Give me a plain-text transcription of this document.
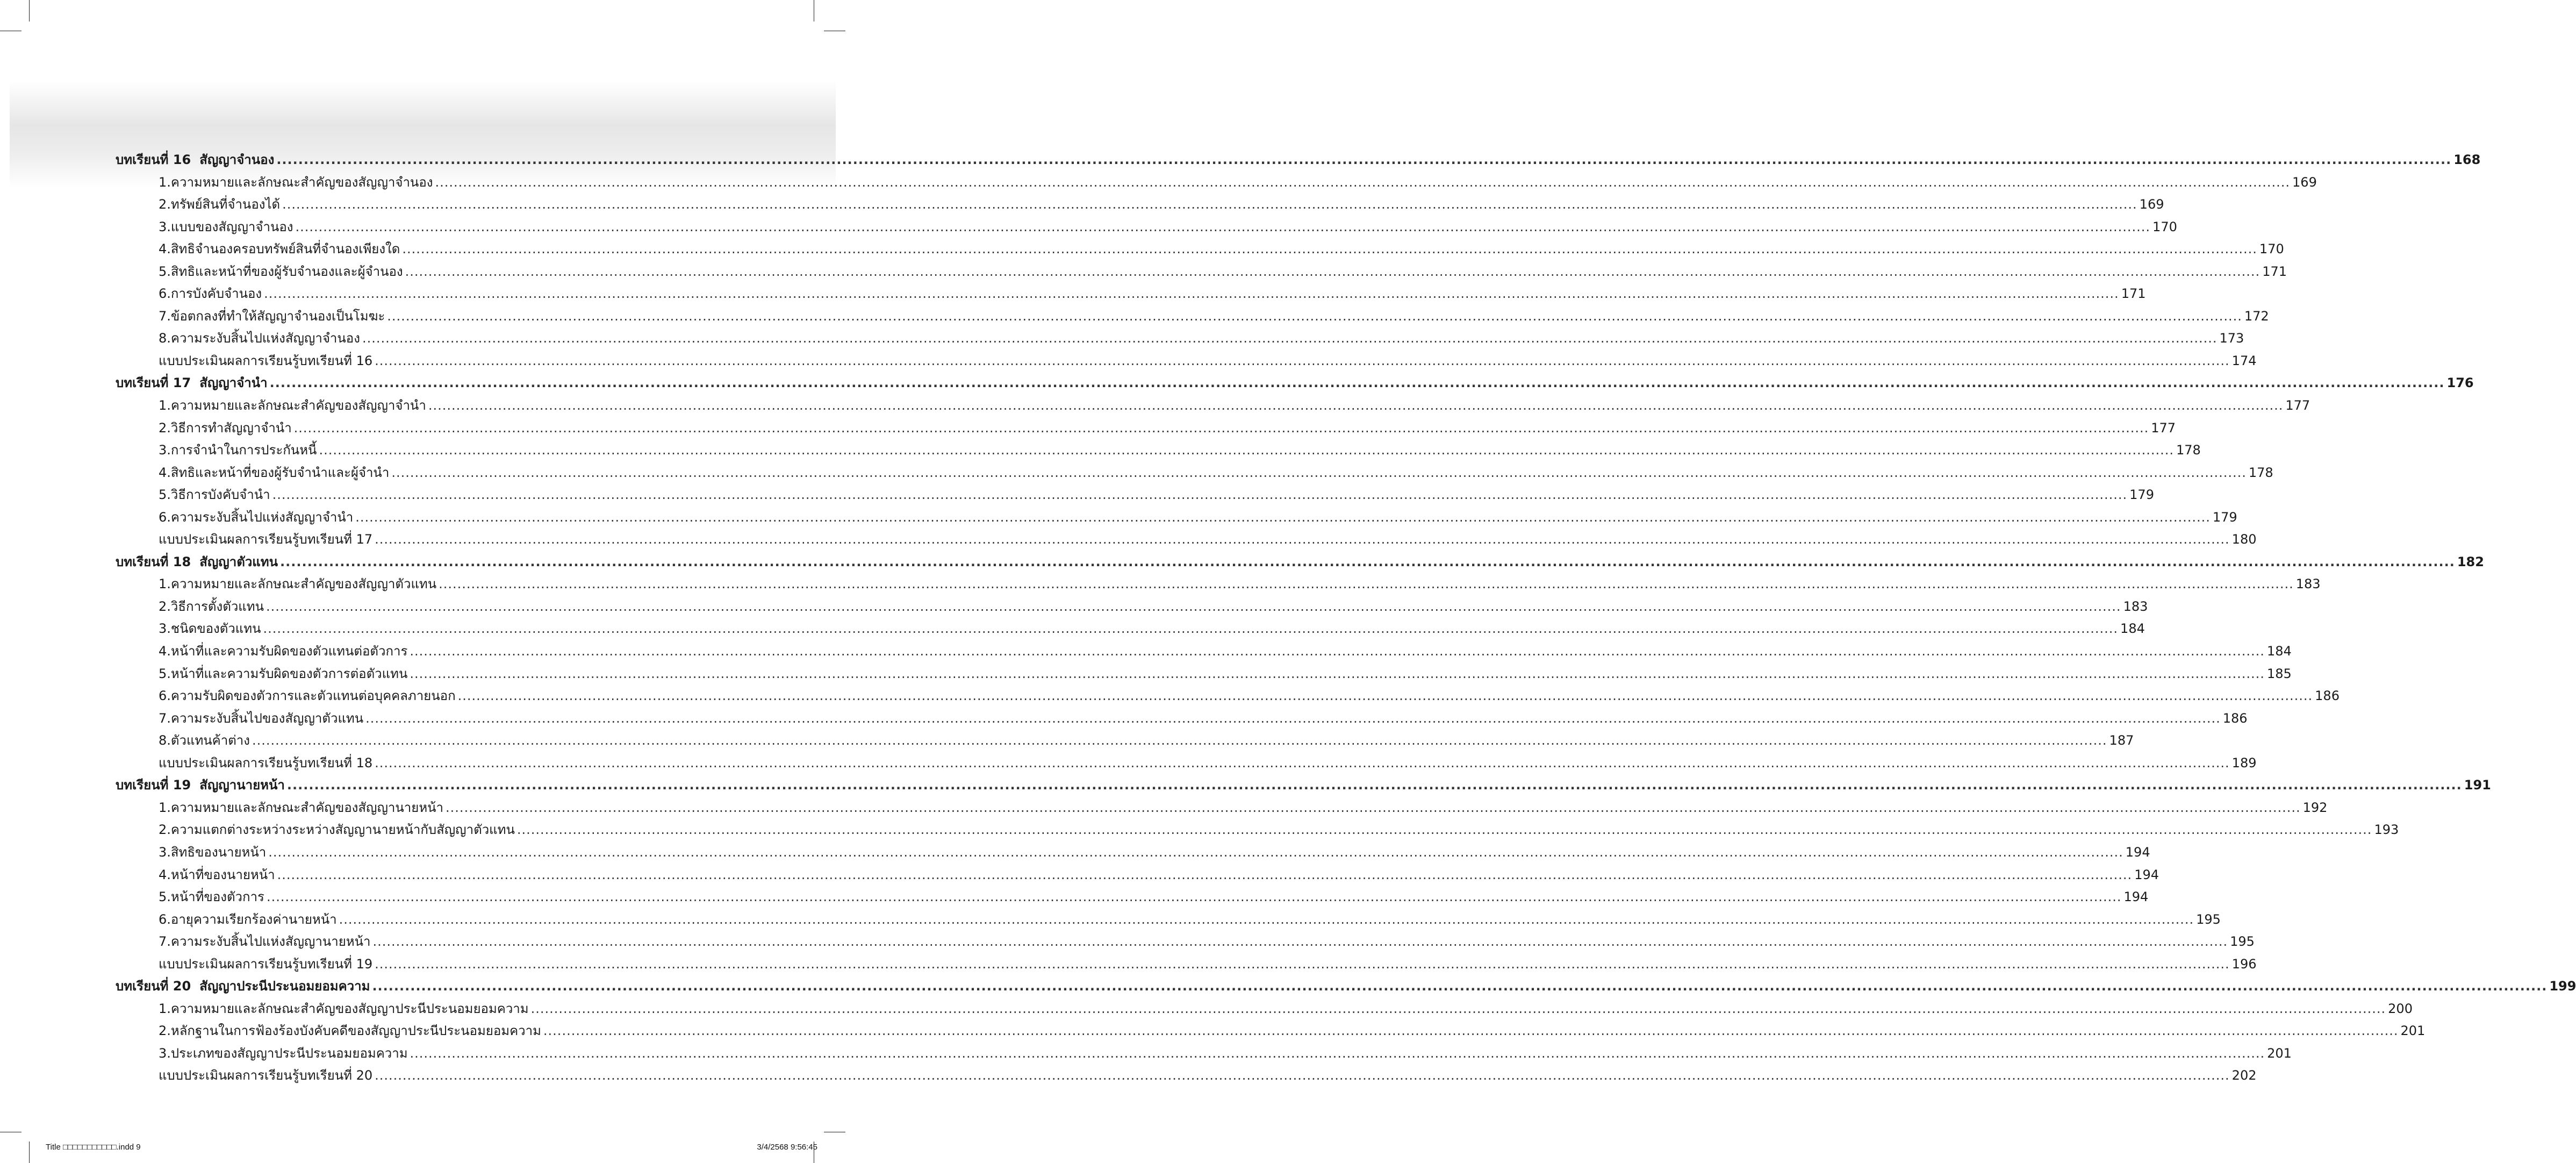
บทเรียนที่ 16 สัญญาจำนอง ................................................................................................................................................................................................................................................................................................................................................................................................................ 168
1. ความหมายและลักษณะสำคัญของสัญญาจำนอง ................................................................................................................................................................................................................................................................................................................................................................................................................ 169
2. ทรัพย์สินที่จำนองได้ ................................................................................................................................................................................................................................................................................................................................................................................................................ 169
3. แบบของสัญญาจำนอง ................................................................................................................................................................................................................................................................................................................................................................................................................ 170
4. สิทธิจำนองครอบทรัพย์สินที่จำนองเพียงใด ................................................................................................................................................................................................................................................................................................................................................................................................................ 170
5. สิทธิและหน้าที่ของผู้รับจำนองและผู้จำนอง ................................................................................................................................................................................................................................................................................................................................................................................................................ 171
6. การบังคับจำนอง ................................................................................................................................................................................................................................................................................................................................................................................................................ 171
7. ข้อตกลงที่ทำให้สัญญาจำนองเป็นโมฆะ ................................................................................................................................................................................................................................................................................................................................................................................................................ 172
8. ความระงับสิ้นไปแห่งสัญญาจำนอง ................................................................................................................................................................................................................................................................................................................................................................................................................ 173
แบบประเมินผลการเรียนรู้บทเรียนที่ 16 ................................................................................................................................................................................................................................................................................................................................................................................................................ 174
บทเรียนที่ 17 สัญญาจำนำ ................................................................................................................................................................................................................................................................................................................................................................................................................ 176
1. ความหมายและลักษณะสำคัญของสัญญาจำนำ ................................................................................................................................................................................................................................................................................................................................................................................................................ 177
2. วิธีการทำสัญญาจำนำ ................................................................................................................................................................................................................................................................................................................................................................................................................ 177
3. การจำนำในการประกันหนี้ ................................................................................................................................................................................................................................................................................................................................................................................................................ 178
4. สิทธิและหน้าที่ของผู้รับจำนำและผู้จำนำ ................................................................................................................................................................................................................................................................................................................................................................................................................ 178
5. วิธีการบังคับจำนำ ................................................................................................................................................................................................................................................................................................................................................................................................................ 179
6. ความระงับสิ้นไปแห่งสัญญาจำนำ ................................................................................................................................................................................................................................................................................................................................................................................................................ 179
แบบประเมินผลการเรียนรู้บทเรียนที่ 17 ................................................................................................................................................................................................................................................................................................................................................................................................................ 180
บทเรียนที่ 18 สัญญาตัวแทน ................................................................................................................................................................................................................................................................................................................................................................................................................ 182
1. ความหมายและลักษณะสำคัญของสัญญาตัวแทน ................................................................................................................................................................................................................................................................................................................................................................................................................ 183
2. วิธีการตั้งตัวแทน ................................................................................................................................................................................................................................................................................................................................................................................................................ 183
3. ชนิดของตัวแทน ................................................................................................................................................................................................................................................................................................................................................................................................................ 184
4. หน้าที่และความรับผิดของตัวแทนต่อตัวการ ................................................................................................................................................................................................................................................................................................................................................................................................................ 184
5. หน้าที่และความรับผิดของตัวการต่อตัวแทน ................................................................................................................................................................................................................................................................................................................................................................................................................ 185
6. ความรับผิดของตัวการและตัวแทนต่อบุคคลภายนอก ................................................................................................................................................................................................................................................................................................................................................................................................................ 186
7. ความระงับสิ้นไปของสัญญาตัวแทน ................................................................................................................................................................................................................................................................................................................................................................................................................ 186
8. ตัวแทนค้าต่าง ................................................................................................................................................................................................................................................................................................................................................................................................................ 187
แบบประเมินผลการเรียนรู้บทเรียนที่ 18 ................................................................................................................................................................................................................................................................................................................................................................................................................ 189
บทเรียนที่ 19 สัญญานายหน้า ................................................................................................................................................................................................................................................................................................................................................................................................................ 191
1. ความหมายและลักษณะสำคัญของสัญญานายหน้า ................................................................................................................................................................................................................................................................................................................................................................................................................ 192
2. ความแตกต่างระหว่างระหว่างสัญญานายหน้ากับสัญญาตัวแทน ................................................................................................................................................................................................................................................................................................................................................................................................................ 193
3. สิทธิของนายหน้า ................................................................................................................................................................................................................................................................................................................................................................................................................ 194
4. หน้าที่ของนายหน้า ................................................................................................................................................................................................................................................................................................................................................................................................................ 194
5. หน้าที่ของตัวการ ................................................................................................................................................................................................................................................................................................................................................................................................................ 194
6. อายุความเรียกร้องค่านายหน้า ................................................................................................................................................................................................................................................................................................................................................................................................................ 195
7. ความระงับสิ้นไปแห่งสัญญานายหน้า ................................................................................................................................................................................................................................................................................................................................................................................................................ 195
แบบประเมินผลการเรียนรู้บทเรียนที่ 19 ................................................................................................................................................................................................................................................................................................................................................................................................................ 196
บทเรียนที่ 20 สัญญาประนีประนอมยอมความ ................................................................................................................................................................................................................................................................................................................................................................................................................ 199
1. ความหมายและลักษณะสำคัญของสัญญาประนีประนอมยอมความ ................................................................................................................................................................................................................................................................................................................................................................................................................ 200
2. หลักฐานในการฟ้องร้องบังคับคดีของสัญญาประนีประนอมยอมความ ................................................................................................................................................................................................................................................................................................................................................................................................................ 201
3. ประเภทของสัญญาประนีประนอมยอมความ ................................................................................................................................................................................................................................................................................................................................................................................................................ 201
แบบประเมินผลการเรียนรู้บทเรียนที่ 20 ................................................................................................................................................................................................................................................................................................................................................................................................................ 202
Title □□□□□□□□□□□.indd 9	3/4/2568 9:56:45
